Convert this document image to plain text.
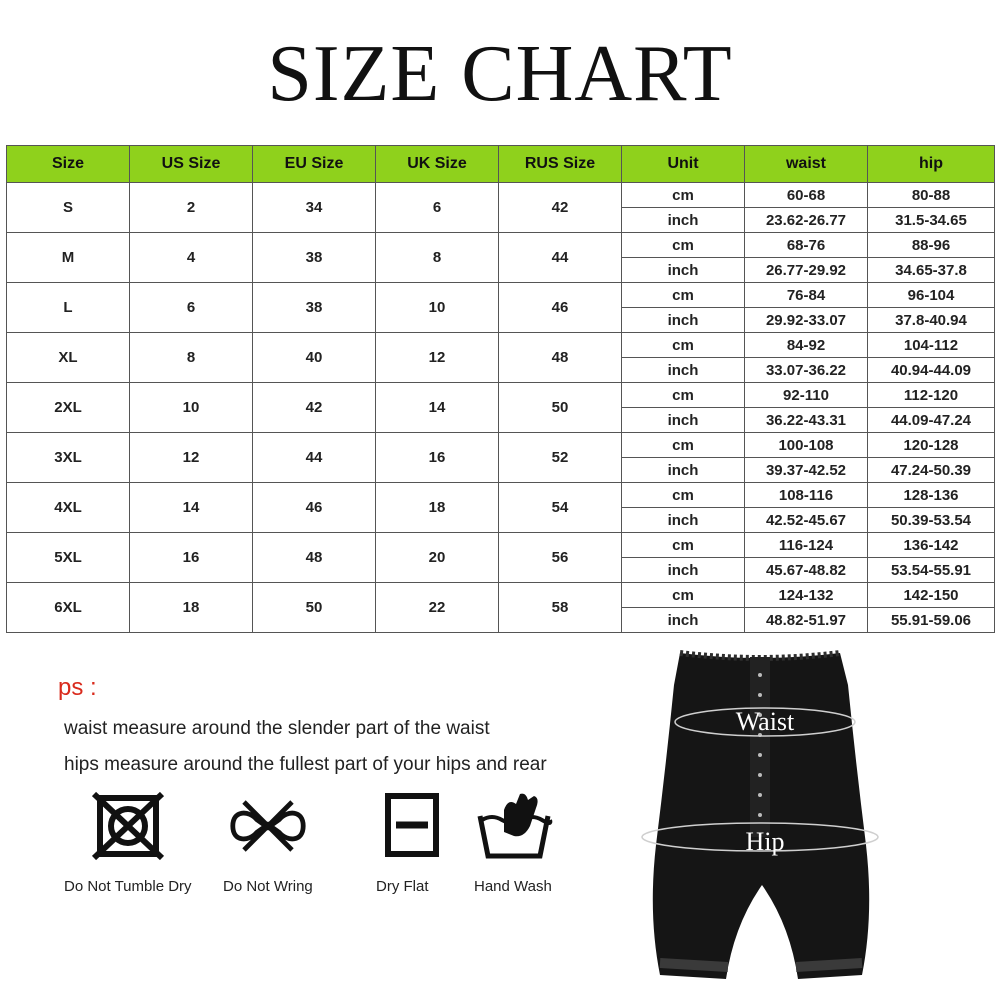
SIZE CHART
Size	US Size	EU Size	UK Size	RUS Size	Unit	waist	hip
S	2	34	6	42	cm	60-68	80-88
					inch	23.62-26.77	31.5-34.65
M	4	38	8	44	cm	68-76	88-96
					inch	26.77-29.92	34.65-37.8
L	6	38	10	46	cm	76-84	96-104
					inch	29.92-33.07	37.8-40.94
XL	8	40	12	48	cm	84-92	104-112
					inch	33.07-36.22	40.94-44.09
2XL	10	42	14	50	cm	92-110	112-120
					inch	36.22-43.31	44.09-47.24
3XL	12	44	16	52	cm	100-108	120-128
					inch	39.37-42.52	47.24-50.39
4XL	14	46	18	54	cm	108-116	128-136
					inch	42.52-45.67	50.39-53.54
5XL	16	48	20	56	cm	116-124	136-142
					inch	45.67-48.82	53.54-55.91
6XL	18	50	22	58	cm	124-132	142-150
					inch	48.82-51.97	55.91-59.06
ps :
waist measure around the slender part of the waist
hips measure around the fullest part of your hips and rear
Do Not Tumble Dry Do Not Wring	Dry Flat	Hand Wash
Waist
Hip
